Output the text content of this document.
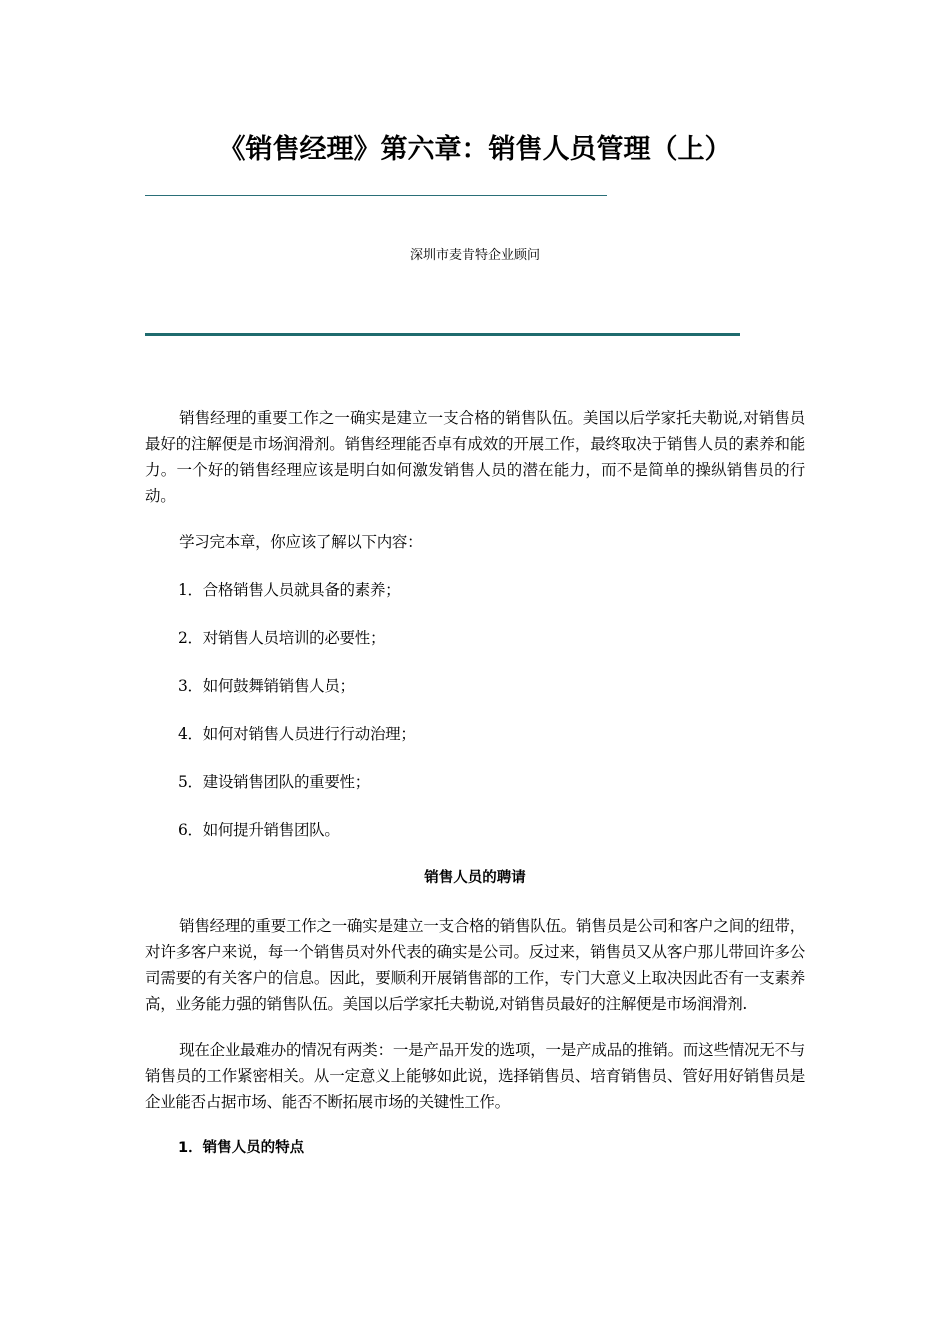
《销售经理》第六章：销售人员管理（上）
深圳市麦肯特企业顾问

销售经理的重要工作之一确实是建立一支合格的销售队伍。美国以后学家托夫勒说,对销售员最好的注解便是市场润滑剂。销售经理能否卓有成效的开展工作，最终取决于销售人员的素养和能力。一个好的销售经理应该是明白如何激发销售人员的潜在能力，而不是简单的操纵销售员的行动。

学习完本章，你应该了解以下内容：

1．合格销售人员就具备的素养；

2．对销售人员培训的必要性；

3．如何鼓舞销销售人员；

4．如何对销售人员进行行动治理；

5．建设销售团队的重要性；

6．如何提升销售团队。

销售人员的聘请

销售经理的重要工作之一确实是建立一支合格的销售队伍。销售员是公司和客户之间的纽带，对许多客户来说，每一个销售员对外代表的确实是公司。反过来，销售员又从客户那儿带回许多公司需要的有关客户的信息。因此，要顺利开展销售部的工作，专门大意义上取决因此否有一支素养高，业务能力强的销售队伍。美国以后学家托夫勒说,对销售员最好的注解便是市场润滑剂.

现在企业最难办的情况有两类：一是产品开发的选项，一是产成品的推销。而这些情况无不与销售员的工作紧密相关。从一定意义上能够如此说，选择销售员、培育销售员、管好用好销售员是企业能否占据市场、能否不断拓展市场的关键性工作。

1．销售人员的特点
